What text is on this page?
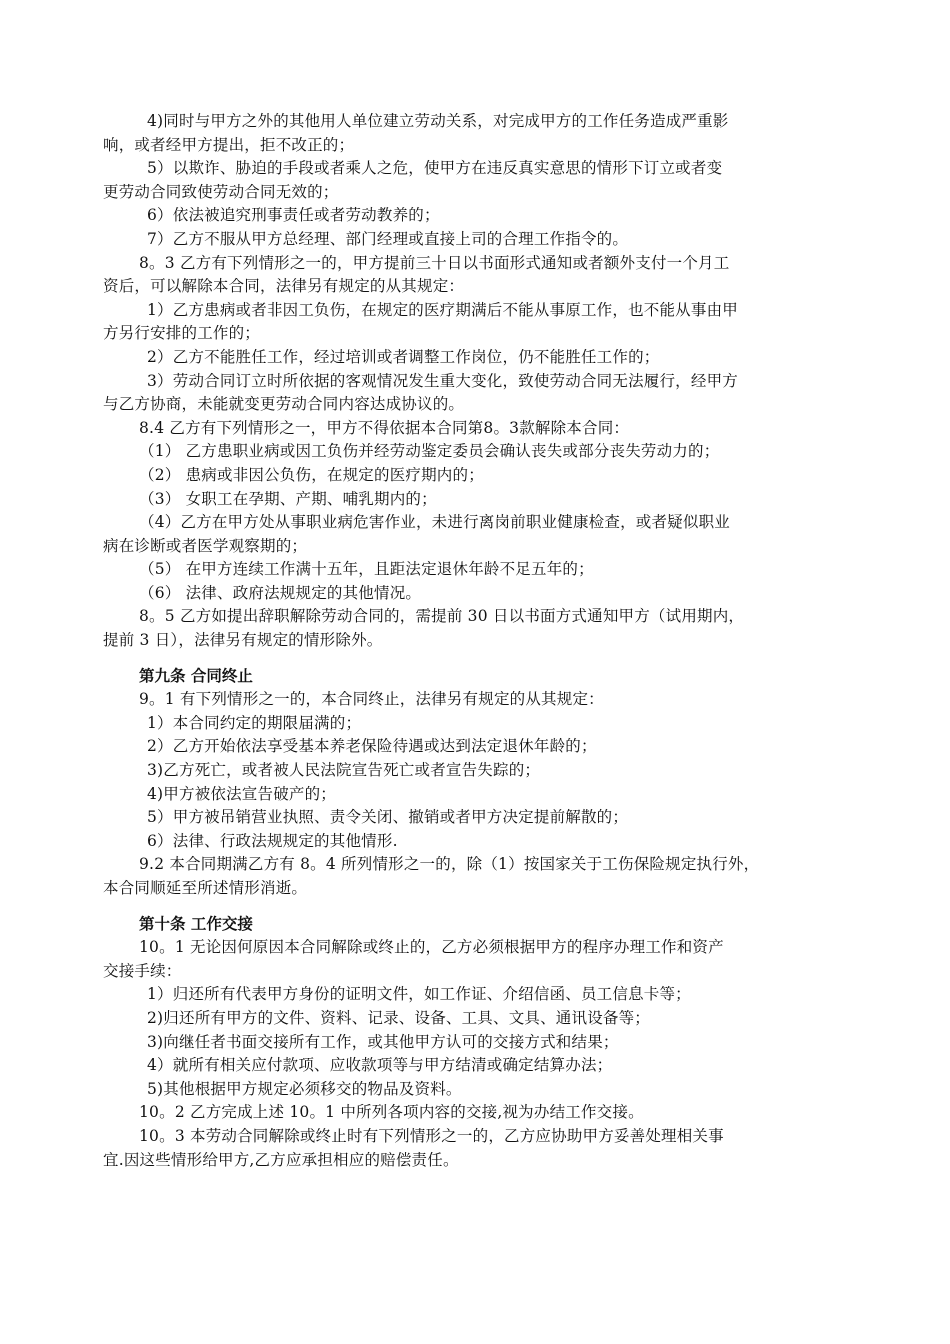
4)同时与甲方之外的其他用人单位建立劳动关系，对完成甲方的工作任务造成严重影
响，或者经甲方提出，拒不改正的；
5）以欺诈、胁迫的手段或者乘人之危，使甲方在违反真实意思的情形下订立或者变
更劳动合同致使劳动合同无效的；
6）依法被追究刑事责任或者劳动教养的；
7）乙方不服从甲方总经理、部门经理或直接上司的合理工作指令的。
8。3 乙方有下列情形之一的，甲方提前三十日以书面形式通知或者额外支付一个月工
资后，可以解除本合同，法律另有规定的从其规定：
1）乙方患病或者非因工负伤，在规定的医疗期满后不能从事原工作，也不能从事由甲
方另行安排的工作的；
2）乙方不能胜任工作，经过培训或者调整工作岗位，仍不能胜任工作的；
3）劳动合同订立时所依据的客观情况发生重大变化，致使劳动合同无法履行，经甲方
与乙方协商，未能就变更劳动合同内容达成协议的。
8.4 乙方有下列情形之一，甲方不得依据本合同第8。3款解除本合同：
（1） 乙方患职业病或因工负伤并经劳动鉴定委员会确认丧失或部分丧失劳动力的；
（2） 患病或非因公负伤，在规定的医疗期内的；
（3） 女职工在孕期、产期、哺乳期内的；
（4）乙方在甲方处从事职业病危害作业，未进行离岗前职业健康检查，或者疑似职业
病在诊断或者医学观察期的；
（5） 在甲方连续工作满十五年，且距法定退休年龄不足五年的；
（6） 法律、政府法规规定的其他情况。
8。5 乙方如提出辞职解除劳动合同的，需提前 30 日以书面方式通知甲方（试用期内，
提前 3 日），法律另有规定的情形除外。
第九条 合同终止
9。1 有下列情形之一的，本合同终止，法律另有规定的从其规定：
1）本合同约定的期限届满的；
2）乙方开始依法享受基本养老保险待遇或达到法定退休年龄的；
3)乙方死亡，或者被人民法院宣告死亡或者宣告失踪的；
4)甲方被依法宣告破产的；
5）甲方被吊销营业执照、责令关闭、撤销或者甲方决定提前解散的；
6）法律、行政法规规定的其他情形.
9.2 本合同期满乙方有 8。4 所列情形之一的，除（1）按国家关于工伤保险规定执行外，
本合同顺延至所述情形消逝。
第十条 工作交接
10。1 无论因何原因本合同解除或终止的，乙方必须根据甲方的程序办理工作和资产
交接手续：
1）归还所有代表甲方身份的证明文件，如工作证、介绍信函、员工信息卡等；
2)归还所有甲方的文件、资料、记录、设备、工具、文具、通讯设备等；
3)向继任者书面交接所有工作，或其他甲方认可的交接方式和结果；
4）就所有相关应付款项、应收款项等与甲方结清或确定结算办法；
5)其他根据甲方规定必须移交的物品及资料。
10。2 乙方完成上述 10。1 中所列各项内容的交接,视为办结工作交接。
10。3 本劳动合同解除或终止时有下列情形之一的，乙方应协助甲方妥善处理相关事
宜.因这些情形给甲方,乙方应承担相应的赔偿责任。
